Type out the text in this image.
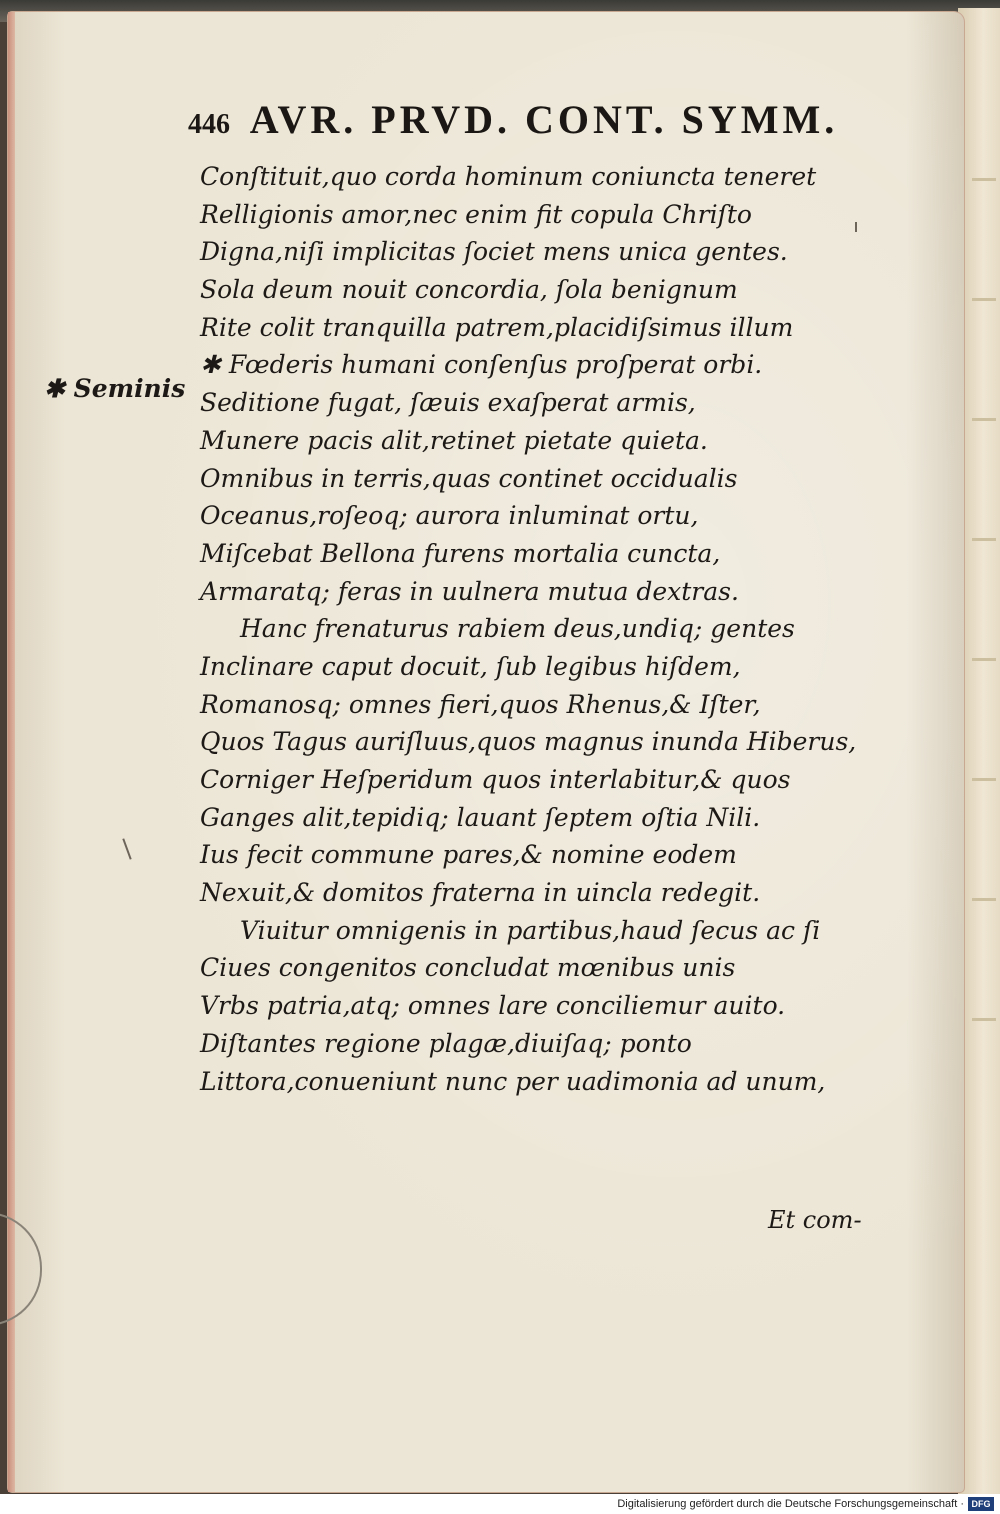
446 AVR. PRVD. CONT. SYMM.
✱ Seminis
Conſtituit,quo corda hominum coniuncta teneret
Relligionis amor,nec enim fit copula Chriſto
Digna,niſi implicitas ſociet mens unica gentes.
Sola deum nouit concordia, ſola benignum
Rite colit tranquilla patrem,placidiſsimus illum
✱ Fœderis humani conſenſus proſperat orbi.
Seditione fugat, ſæuis exaſperat armis,
Munere pacis alit,retinet pietate quieta.
Omnibus in terris,quas continet occidualis
Oceanus,roſeoq; aurora inluminat ortu,
Miſcebat Bellona furens mortalia cuncta,
Armaratq; feras in uulnera mutua dextras.
Hanc frenaturus rabiem deus,undiq; gentes
Inclinare caput docuit, ſub legibus hiſdem,
Romanosq; omnes fieri,quos Rhenus,& Iſter,
Quos Tagus auriſluus,quos magnus inunda Hiberus,
Corniger Heſperidum quos interlabitur,& quos
Ganges alit,tepidiq; lauant ſeptem oſtia Nili.
Ius fecit commune pares,& nomine eodem
Nexuit,& domitos fraterna in uincla redegit.
Viuitur omnigenis in partibus,haud ſecus ac ſi
Ciues congenitos concludat mœnibus unis
Vrbs patria,atq; omnes lare conciliemur auito.
Diſtantes regione plagæ,diuiſaq; ponto
Littora,conueniunt nunc per uadimonia ad unum,
Et com-
Digitalisierung gefördert durch die Deutsche Forschungsgemeinschaft · DFG
